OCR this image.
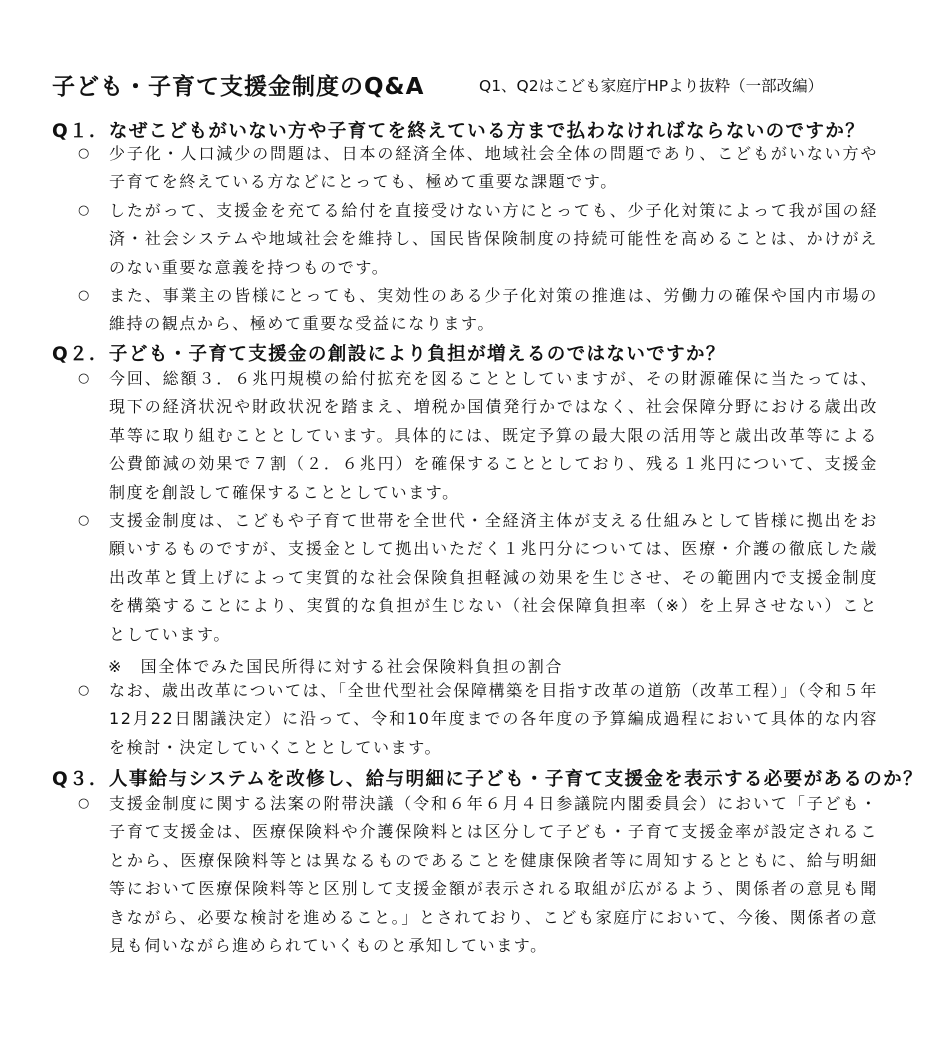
子ども・子育て支援金制度のQ&A	Q1、Q2はこども家庭庁HPより抜粋（一部改編）
Q１．なぜこどもがいない方や子育てを終えている方まで払わなければならないのですか？
○ 少子化・人口減少の問題は、日本の経済全体、地域社会全体の問題であり、こどもがいない方や子育てを終えている方などにとっても、極めて重要な課題です。
○ したがって、支援金を充てる給付を直接受けない方にとっても、少子化対策によって我が国の経済・社会システムや地域社会を維持し、国民皆保険制度の持続可能性を高めることは、かけがえのない重要な意義を持つものです。
○ また、事業主の皆様にとっても、実効性のある少子化対策の推進は、労働力の確保や国内市場の維持の観点から、極めて重要な受益になります。
Q２．子ども・子育て支援金の創設により負担が増えるのではないですか？
○ 今回、総額３．６兆円規模の給付拡充を図ることとしていますが、その財源確保に当たっては、現下の経済状況や財政状況を踏まえ、増税か国債発行かではなく、社会保障分野における歳出改革等に取り組むこととしています。具体的には、既定予算の最大限の活用等と歳出改革等による公費節減の効果で７割（２．６兆円）を確保することとしており、残る１兆円について、支援金制度を創設して確保することとしています。
○ 支援金制度は、こどもや子育て世帯を全世代・全経済主体が支える仕組みとして皆様に拠出をお願いするものですが、支援金として拠出いただく１兆円分については、医療・介護の徹底した歳出改革と賃上げによって実質的な社会保険負担軽減の効果を生じさせ、その範囲内で支援金制度を構築することにより、実質的な負担が生じない（社会保障負担率（※）を上昇させない）こととしています。
※　国全体でみた国民所得に対する社会保険料負担の割合
○ なお、歳出改革については、「全世代型社会保障構築を目指す改革の道筋（改革工程）」（令和５年12月22日閣議決定）に沿って、令和10年度までの各年度の予算編成過程において具体的な内容を検討・決定していくこととしています。
Q３．人事給与システムを改修し、給与明細に子ども・子育て支援金を表示する必要があるのか？
○ 支援金制度に関する法案の附帯決議（令和６年６月４日参議院内閣委員会）において「子ども・子育て支援金は、医療保険料や介護保険料とは区分して子ども・子育て支援金率が設定されることから、医療保険料等とは異なるものであることを健康保険者等に周知するとともに、給与明細等において医療保険料等と区別して支援金額が表示される取組が広がるよう、関係者の意見も聞きながら、必要な検討を進めること。」とされており、こども家庭庁において、今後、関係者の意見も伺いながら進められていくものと承知しています。
